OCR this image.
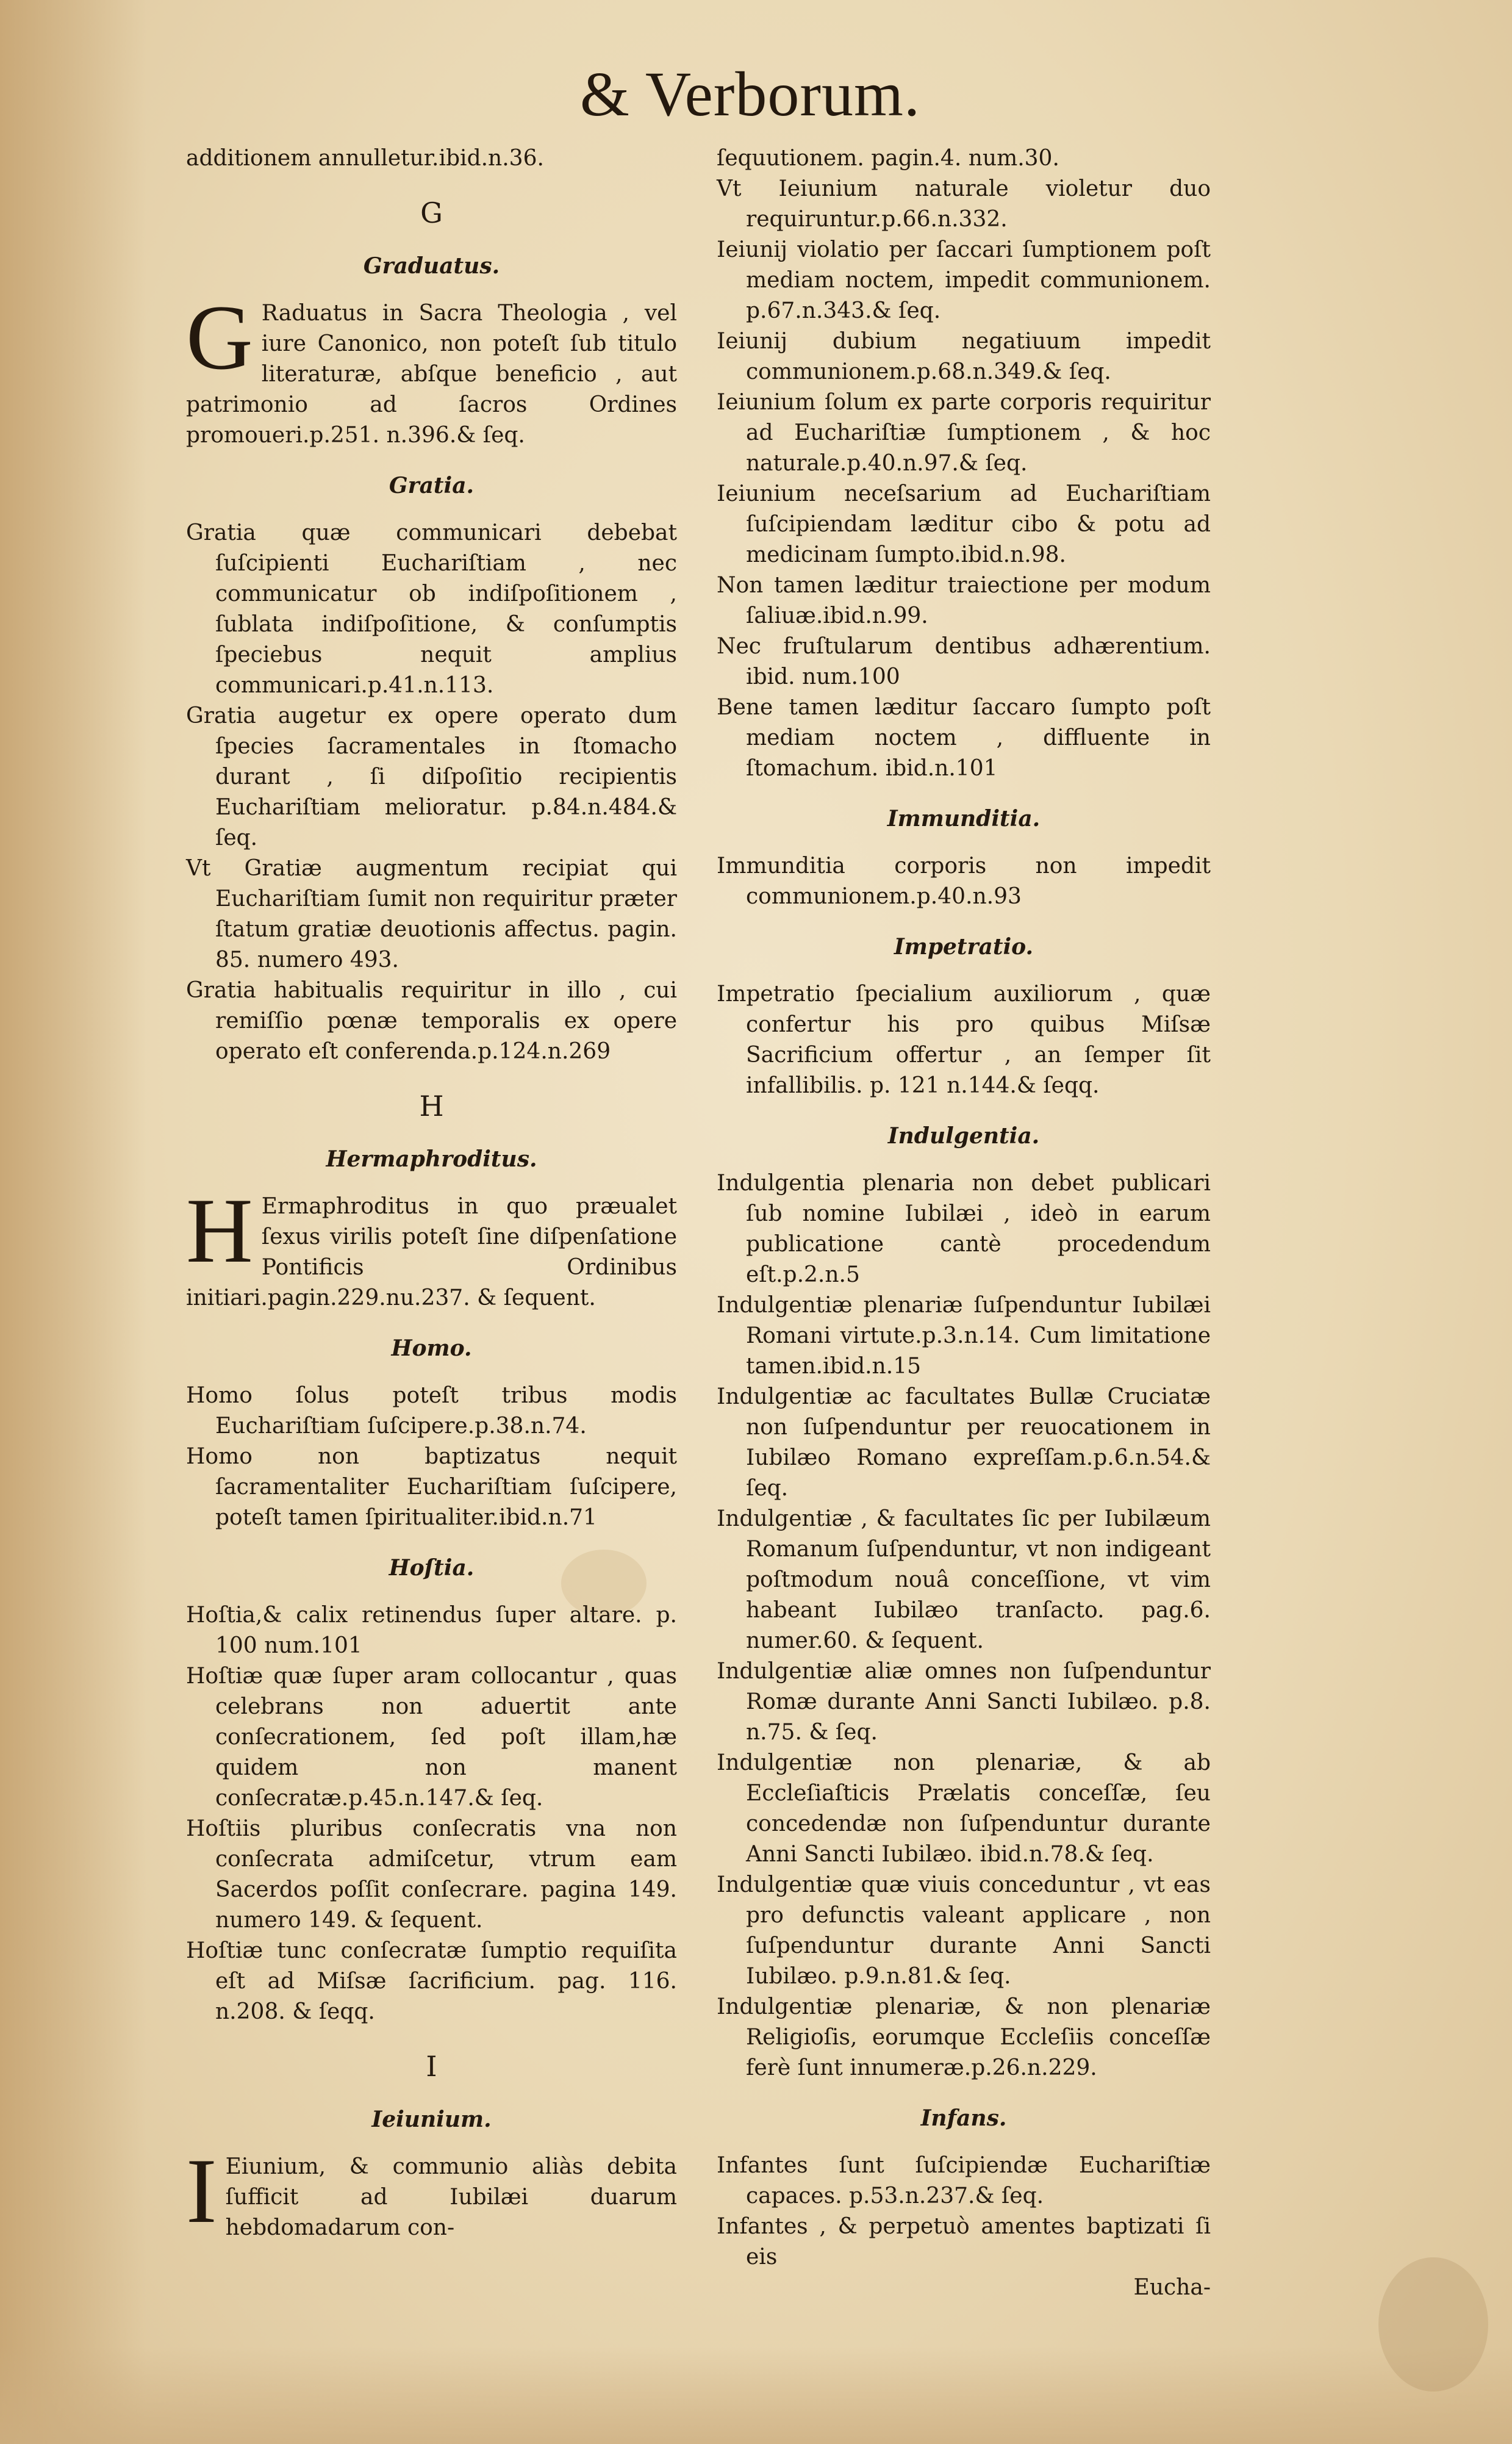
& Verborum.
additionem annulletur.ibid.n.36.
G
Graduatus.
G Raduatus in Sacra Theologia , vel iure Canonico, non poteſt ſub titulo literaturæ, abſque beneficio , aut patrimonio ad ſacros Ordines promoueri.p.251. n.396.& ſeq.
Gratia.
Gratia quæ communicari debebat ſuſcipienti Euchariſtiam , nec communicatur ob indiſpoſitionem , ſublata indiſpoſitione, & conſumptis ſpeciebus nequit amplius communicari.p.41.n.113.
Gratia augetur ex opere operato dum ſpecies ſacramentales in ſtomacho durant , ſi diſpoſitio recipientis Euchariſtiam melioratur. p.84.n.484.& ſeq.
Vt Gratiæ augmentum recipiat qui Euchariſtiam ſumit non requiritur præter ſtatum gratiæ deuotionis affectus. pagin. 85. numero 493.
Gratia habitualis requiritur in illo , cui remiſſio pœnæ temporalis ex opere operato eſt conferenda.p.124.n.269
H
Hermaphroditus.
H Ermaphroditus in quo præualet ſexus virilis poteſt ſine diſpenſatione Pontificis Ordinibus initiari.pagin.229.nu.237. & ſequent.
Homo.
Homo ſolus poteſt tribus modis Euchariſtiam ſuſcipere.p.38.n.74.
Homo non baptizatus nequit ſacramentaliter Euchariſtiam ſuſcipere, poteſt tamen ſpiritualiter.ibid.n.71
Hoſtia.
Hoſtia,& calix retinendus ſuper altare. p. 100 num.101
Hoſtiæ quæ ſuper aram collocantur , quas celebrans non aduertit ante conſecrationem, ſed poſt illam,hæ quidem non manent conſecratæ.p.45.n.147.& ſeq.
Hoſtiis pluribus conſecratis vna non conſecrata admiſcetur, vtrum eam Sacerdos poſſit conſecrare. pagina 149. numero 149. & ſequent.
Hoſtiæ tunc conſecratæ ſumptio requiſita eſt ad Miſsæ ſacrificium. pag. 116. n.208. & ſeqq.
I
Ieiunium.
I Eiunium, & communio aliàs debita ſufficit ad Iubilæi duarum hebdomadarum con-
ſequutionem. pagin.4. num.30.
Vt Ieiunium naturale violetur duo requiruntur.p.66.n.332.
Ieiunij violatio per ſaccari ſumptionem poſt mediam noctem, impedit communionem. p.67.n.343.& ſeq.
Ieiunij dubium negatiuum impedit communionem.p.68.n.349.& ſeq.
Ieiunium ſolum ex parte corporis requiritur ad Euchariſtiæ ſumptionem , & hoc naturale.p.40.n.97.& ſeq.
Ieiunium neceſsarium ad Euchariſtiam ſuſcipiendam læditur cibo & potu ad medicinam ſumpto.ibid.n.98.
Non tamen læditur traiectione per modum ſaliuæ.ibid.n.99.
Nec fruſtularum dentibus adhærentium. ibid. num.100
Bene tamen læditur ſaccaro ſumpto poſt mediam noctem , diffluente in ſtomachum. ibid.n.101
Immunditia.
Immunditia corporis non impedit communionem.p.40.n.93
Impetratio.
Impetratio ſpecialium auxiliorum , quæ confertur his pro quibus Miſsæ Sacrificium offertur , an ſemper ſit infallibilis. p. 121 n.144.& ſeqq.
Indulgentia.
Indulgentia plenaria non debet publicari ſub nomine Iubilæi , ideò in earum publicatione cantè procedendum eſt.p.2.n.5
Indulgentiæ plenariæ ſuſpenduntur Iubilæi Romani virtute.p.3.n.14. Cum limitatione tamen.ibid.n.15
Indulgentiæ ac facultates Bullæ Cruciatæ non ſuſpenduntur per reuocationem in Iubilæo Romano expreſſam.p.6.n.54.& ſeq.
Indulgentiæ , & facultates ſic per Iubilæum Romanum ſuſpenduntur, vt non indigeant poſtmodum nouâ conceſſione, vt vim habeant Iubilæo tranſacto. pag.6. numer.60. & ſequent.
Indulgentiæ aliæ omnes non ſuſpenduntur Romæ durante Anni Sancti Iubilæo. p.8. n.75. & ſeq.
Indulgentiæ non plenariæ, & ab Eccleſiaſticis Prælatis conceſſæ, ſeu concedendæ non ſuſpenduntur durante Anni Sancti Iubilæo. ibid.n.78.& ſeq.
Indulgentiæ quæ viuis conceduntur , vt eas pro defunctis valeant applicare , non ſuſpenduntur durante Anni Sancti Iubilæo. p.9.n.81.& ſeq.
Indulgentiæ plenariæ, & non plenariæ Religioſis, eorumque Eccleſiis conceſſæ ferè ſunt innumeræ.p.26.n.229.
Infans.
Infantes ſunt ſuſcipiendæ Euchariſtiæ capaces. p.53.n.237.& ſeq.
Infantes , & perpetuò amentes baptizati ſi eis
Eucha-
